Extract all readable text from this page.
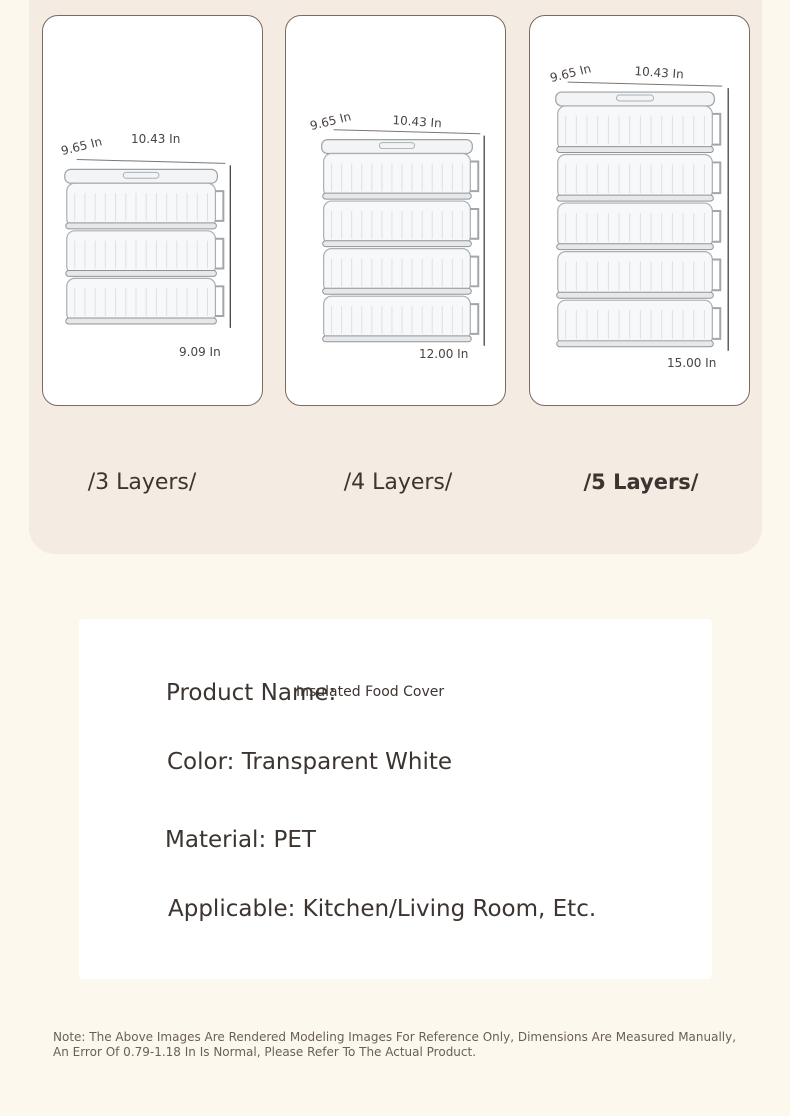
9.65 In 10.43 In
9.09 In
9.65 In	10.43 In
12.00 In
9.65 In	10.43 In
15.00 In
/3 Layers/	/4 Layers/	/5 Layers/
Product Name:
Insulated Food Cover
Color: Transparent White
Material: PET
Applicable: Kitchen/Living Room, Etc.

Note: The Above Images Are Rendered Modeling Images For Reference Only, Dimensions Are Measured Manually, An Error Of 0.79-1.18 In Is Normal, Please Refer To The Actual Product.
